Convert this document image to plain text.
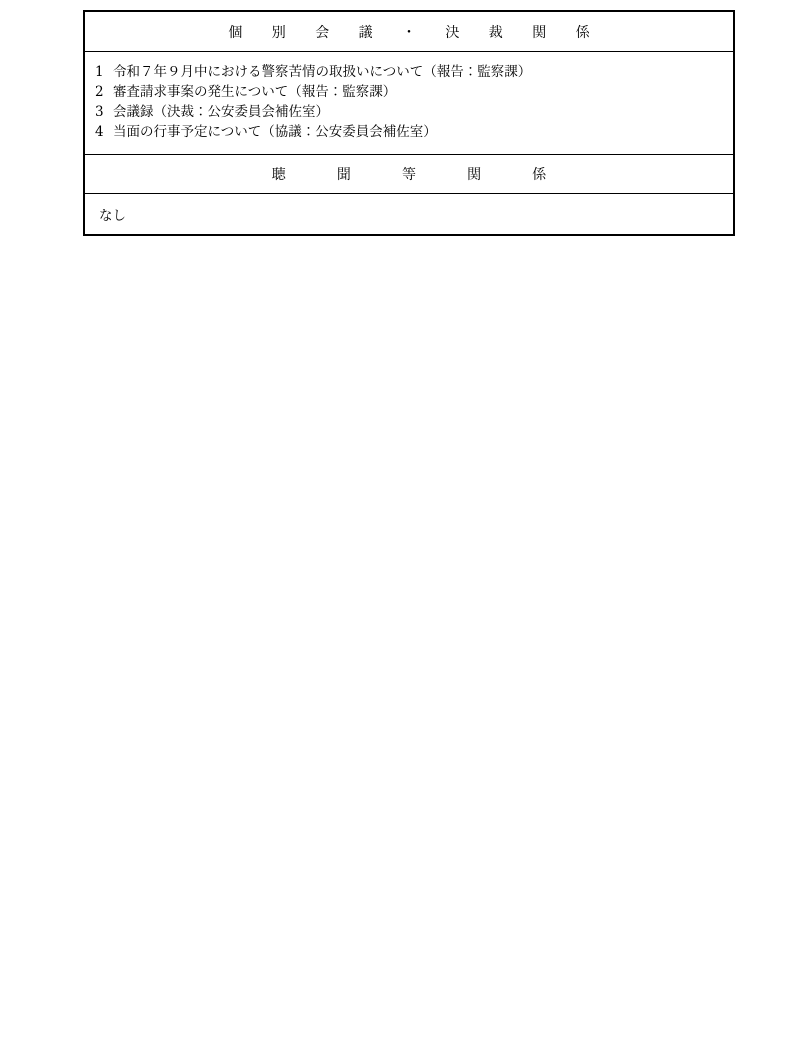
個　別　会　議　・　決　裁　関　係
1 令和７年９月中における警察苦情の取扱いについて（報告：監察課）
2 審査請求事案の発生について（報告：監察課）
3 会議録（決裁：公安委員会補佐室）
4 当面の行事予定について（協議：公安委員会補佐室）
聴　　聞　　等　　関　　係
なし
